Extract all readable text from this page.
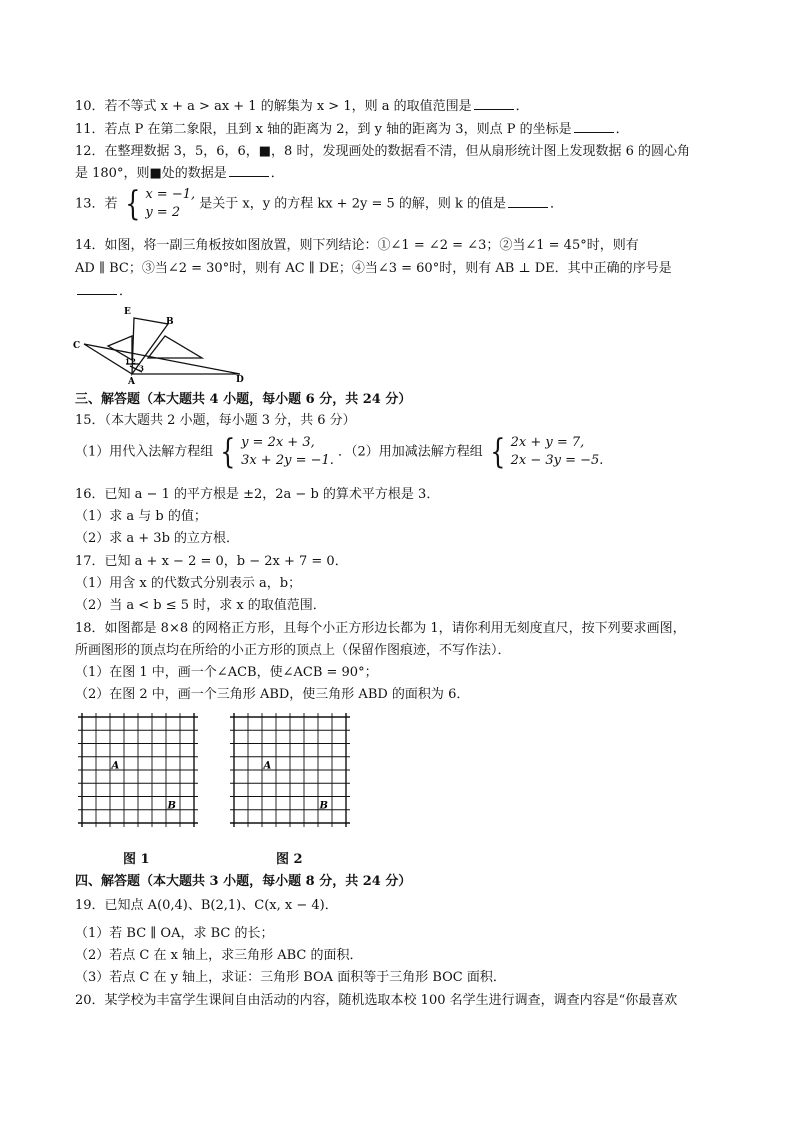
10．若不等式 x + a > ax + 1 的解集为 x > 1，则 a 的取值范围是	．
11．若点 P 在第二象限，且到 x 轴的距离为 2，到 y 轴的距离为 3，则点 P 的坐标是	．
12．在整理数据 3，5，6，6，■，8 时，发现画处的数据看不清，但从扇形统计图上发现数据 6 的圆心角
是 180°，则■处的数据是	．
13．若 { x = −1,
y = 2
是关于 x，y 的方程 kx + 2y = 5 的解，则 k 的值是	．
14．如图，将一副三角板按如图放置，则下列结论：①∠1 = ∠2 = ∠3；②当∠1 = 45°时，则有
AD ∥ BC；③当∠2 = 30°时，则有 AC ∥ DE；④当∠3 = 60°时，则有 AB ⊥ DE．其中正确的序号是
．
E
B
C
D
A
1 2
3
三、解答题（本大题共 4 小题，每小题 6 分，共 24 分）
15．（本大题共 2 小题，每小题 3 分，共 6 分）
（1）用代入法解方程组 { y = 2x + 3,
3x + 2y = −1.
．（2）用加减法解方程组 { 2x + y = 7,
2x − 3y = −5.
16．已知 a − 1 的平方根是 ±2，2a − b 的算术平方根是 3．
（1）求 a 与 b 的值；
（2）求 a + 3b 的立方根．
17．已知 a + x − 2 = 0，b − 2x + 7 = 0．
（1）用含 x 的代数式分别表示 a，b；
（2）当 a < b ≤ 5 时，求 x 的取值范围．
18．如图都是 8×8 的网格正方形，且每个小正方形边长都为 1，请你利用无刻度直尺，按下列要求画图，
所画图形的顶点均在所给的小正方形的顶点上（保留作图痕迹，不写作法）．
（1）在图 1 中，画一个∠ACB，使∠ACB = 90°；
（2）在图 2 中，画一个三角形 ABD，使三角形 ABD 的面积为 6．
A
B
A
B
图 1	图 2
四、解答题（本大题共 3 小题，每小题 8 分，共 24 分）
19．已知点 A(0,4)、B(2,1)、C(x, x − 4)．
（1）若 BC ∥ OA，求 BC 的长；
（2）若点 C 在 x 轴上，求三角形 ABC 的面积．
（3）若点 C 在 y 轴上，求证：三角形 BOA 面积等于三角形 BOC 面积．
20．某学校为丰富学生课间自由活动的内容，随机选取本校 100 名学生进行调查，调查内容是“你最喜欢
